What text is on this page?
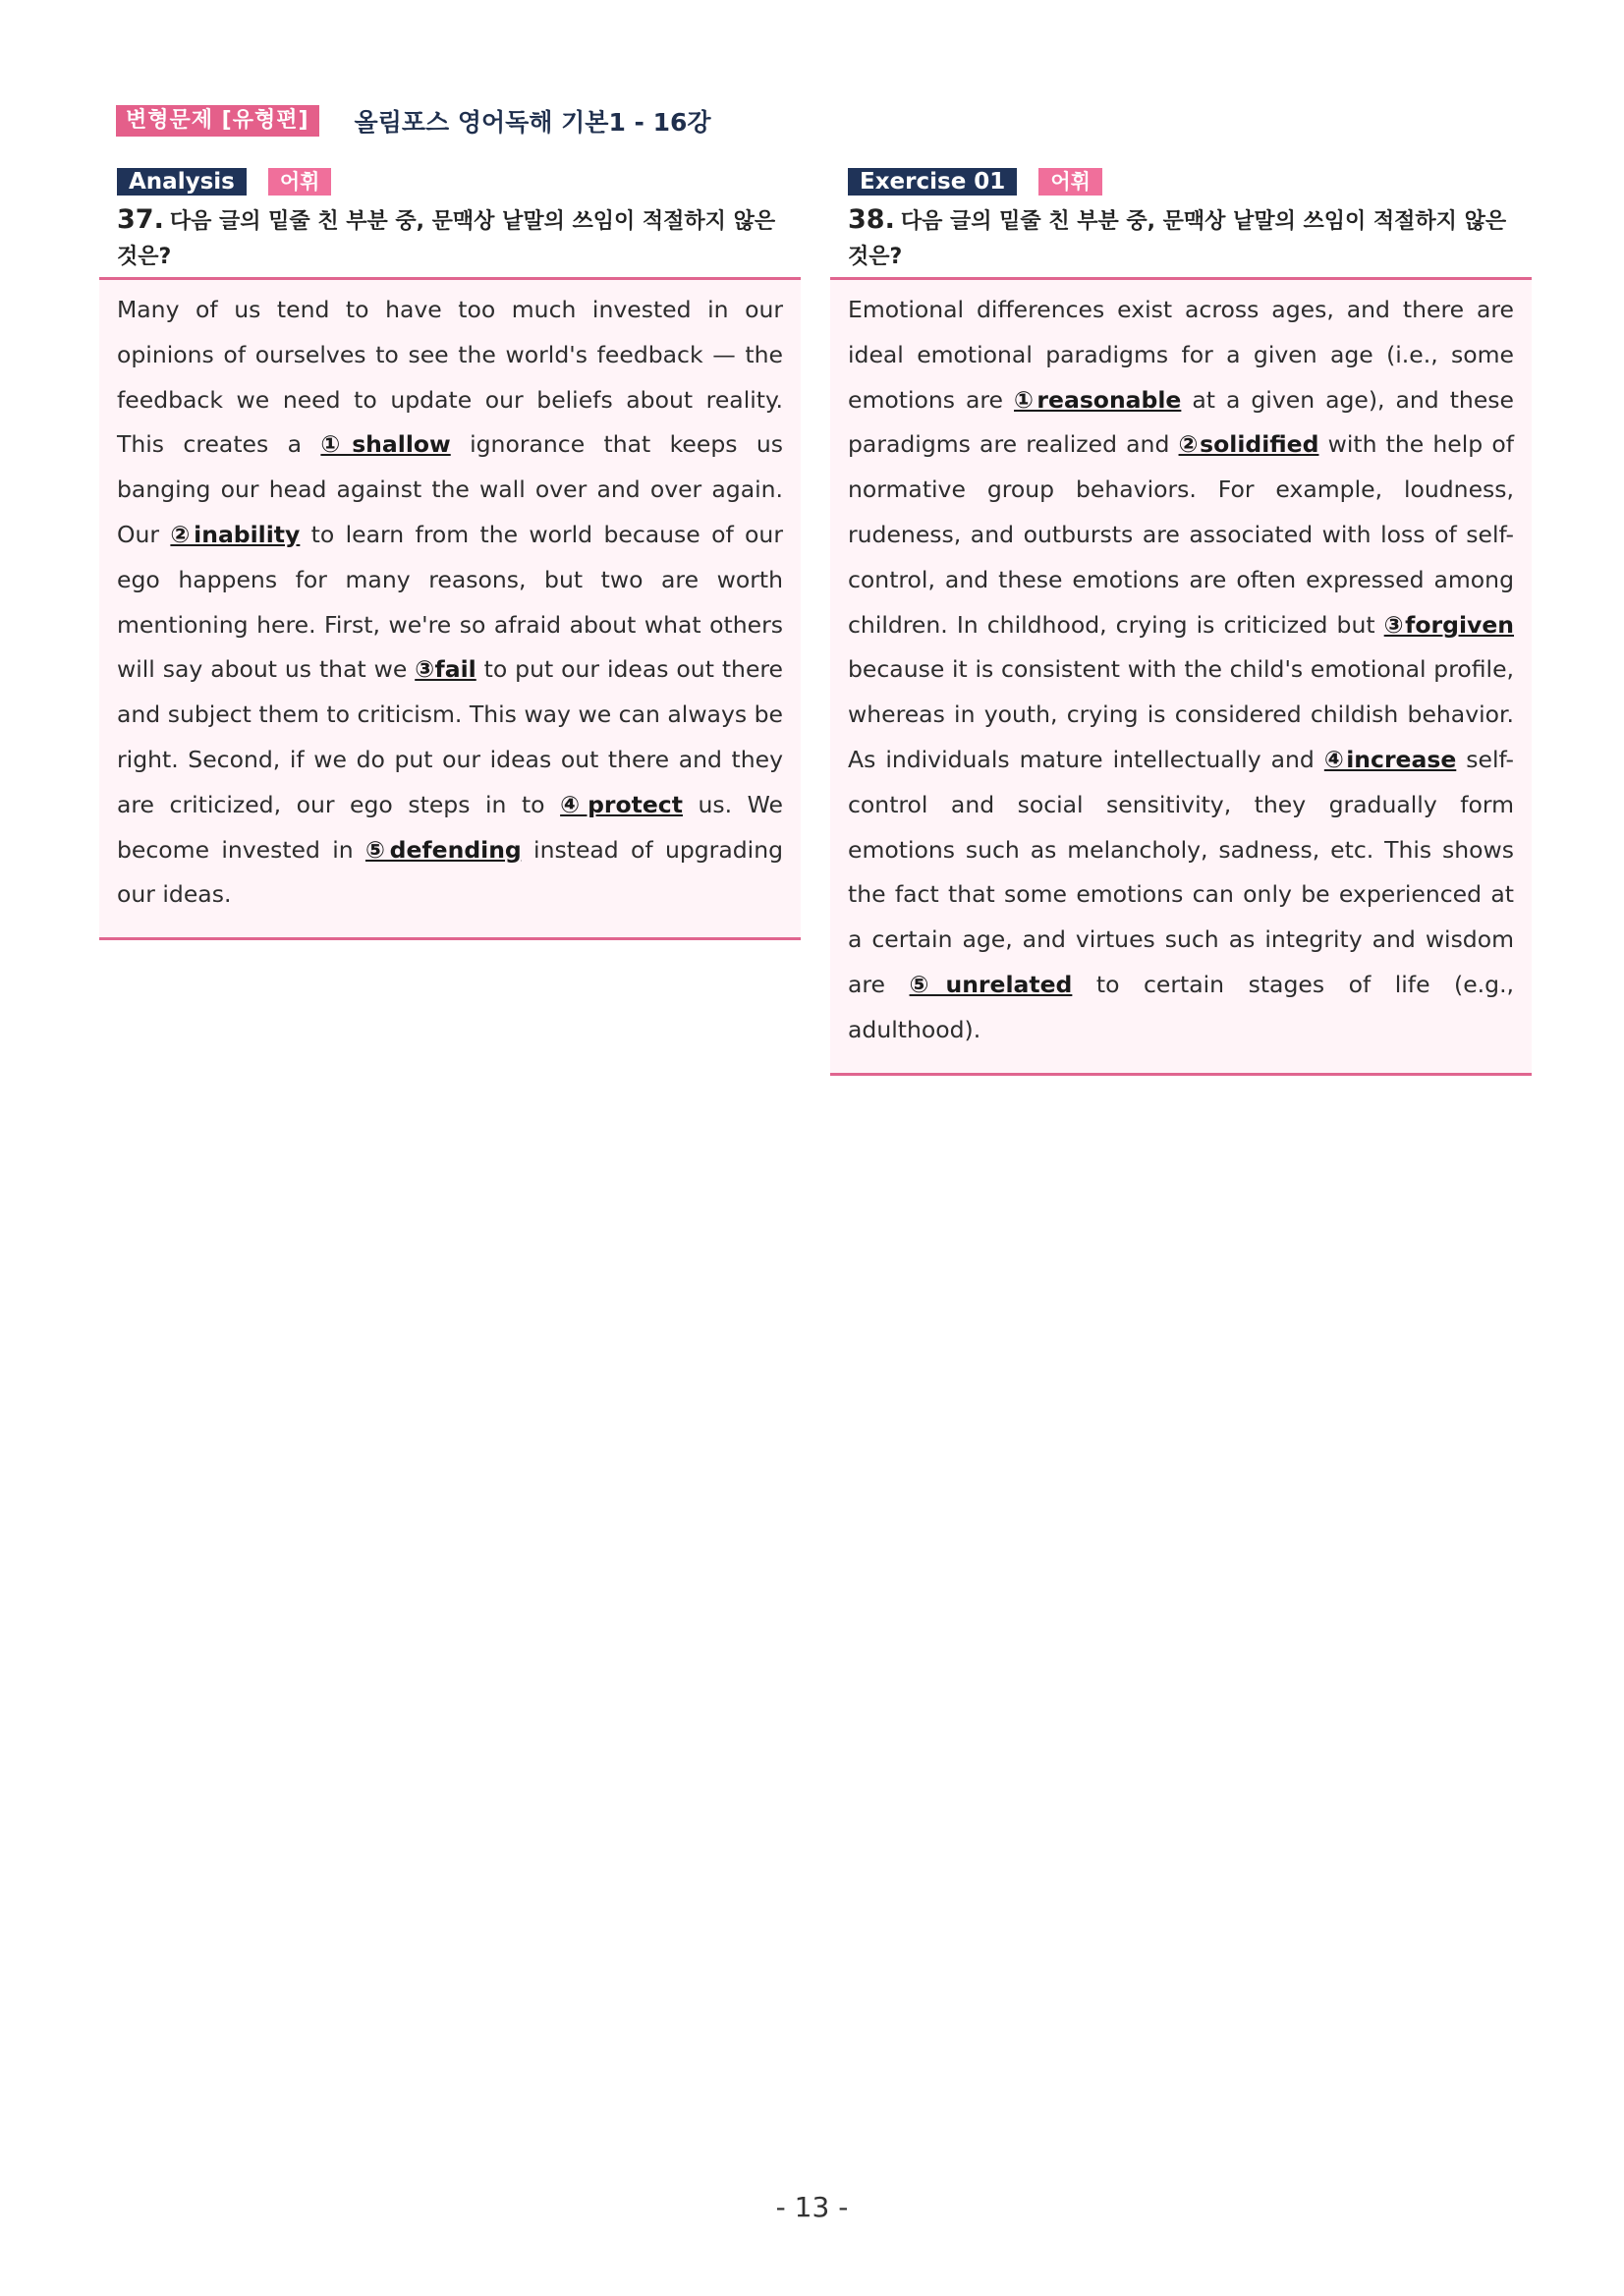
변형문제 [유형편]	올림포스 영어독해 기본1 - 16강
Analysis	어휘
37. 다음 글의 밑줄 친 부분 중, 문맥상 낱말의 쓰임이 적절하지 않은 것은?
Many of us tend to have too much invested in our opinions of ourselves to see the world's feedback — the feedback we need to update our beliefs about reality. This creates a ①shallow ignorance that keeps us banging our head against the wall over and over again. Our ②inability to learn from the world because of our ego happens for many reasons, but two are worth mentioning here. First, we're so afraid about what others will say about us that we ③fail to put our ideas out there and subject them to criticism. This way we can always be right. Second, if we do put our ideas out there and they are criticized, our ego steps in to ④protect us. We become invested in ⑤defending instead of upgrading our ideas.
Exercise 01	어휘
38. 다음 글의 밑줄 친 부분 중, 문맥상 낱말의 쓰임이 적절하지 않은 것은?
Emotional differences exist across ages, and there are ideal emotional paradigms for a given age (i.e., some emotions are ①reasonable at a given age), and these paradigms are realized and ②solidified with the help of normative group behaviors. For example, loudness, rudeness, and outbursts are associated with loss of self-control, and these emotions are often expressed among children. In childhood, crying is criticized but ③forgiven because it is consistent with the child's emotional profile, whereas in youth, crying is considered childish behavior. As individuals mature intellectually and ④increase self-control and social sensitivity, they gradually form emotions such as melancholy, sadness, etc. This shows the fact that some emotions can only be experienced at a certain age, and virtues such as integrity and wisdom are ⑤unrelated to certain stages of life (e.g., adulthood).
- 13 -
